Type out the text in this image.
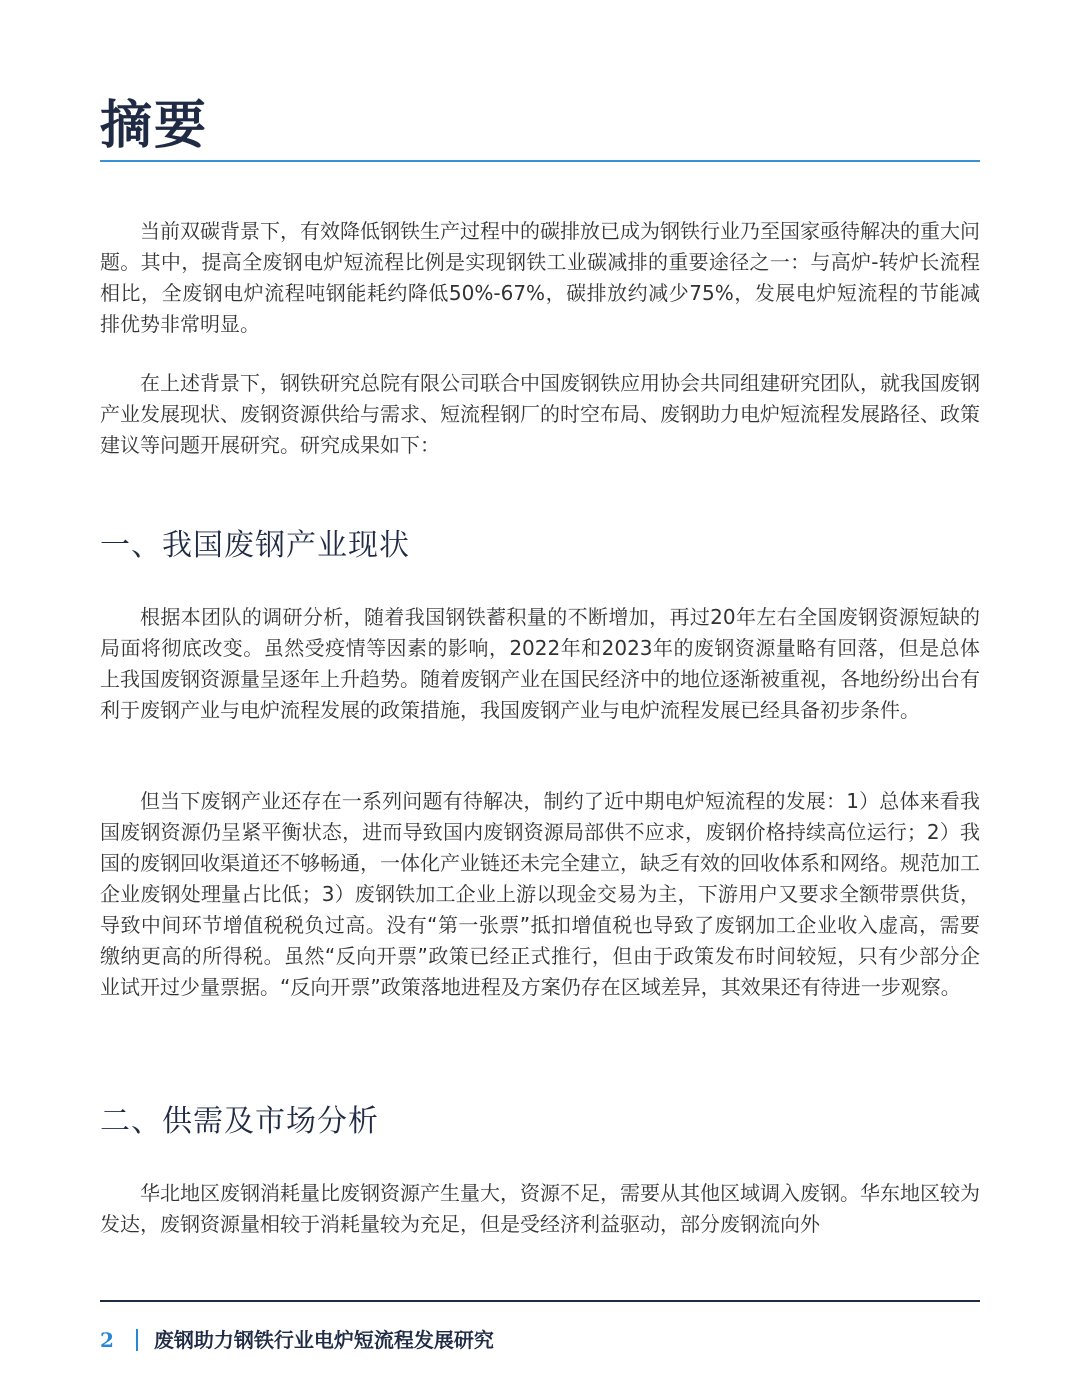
摘要

当前双碳背景下，有效降低钢铁生产过程中的碳排放已成为钢铁行业乃至国家亟待解决的重大问题。其中，提高全废钢电炉短流程比例是实现钢铁工业碳减排的重要途径之一：与高炉-转炉长流程相比，全废钢电炉流程吨钢能耗约降低50%-67%，碳排放约减少75%，发展电炉短流程的节能减排优势非常明显。

在上述背景下，钢铁研究总院有限公司联合中国废钢铁应用协会共同组建研究团队，就我国废钢产业发展现状、废钢资源供给与需求、短流程钢厂的时空布局、废钢助力电炉短流程发展路径、政策建议等问题开展研究。研究成果如下：

一、我国废钢产业现状

根据本团队的调研分析，随着我国钢铁蓄积量的不断增加，再过20年左右全国废钢资源短缺的局面将彻底改变。虽然受疫情等因素的影响，2022年和2023年的废钢资源量略有回落，但是总体上我国废钢资源量呈逐年上升趋势。随着废钢产业在国民经济中的地位逐渐被重视，各地纷纷出台有利于废钢产业与电炉流程发展的政策措施，我国废钢产业与电炉流程发展已经具备初步条件。

但当下废钢产业还存在一系列问题有待解决，制约了近中期电炉短流程的发展：1）总体来看我国废钢资源仍呈紧平衡状态，进而导致国内废钢资源局部供不应求，废钢价格持续高位运行；2）我国的废钢回收渠道还不够畅通，一体化产业链还未完全建立，缺乏有效的回收体系和网络。规范加工企业废钢处理量占比低；3）废钢铁加工企业上游以现金交易为主，下游用户又要求全额带票供货，导致中间环节增值税税负过高。没有“第一张票”抵扣增值税也导致了废钢加工企业收入虚高，需要缴纳更高的所得税。虽然“反向开票”政策已经正式推行，但由于政策发布时间较短，只有少部分企业试开过少量票据。“反向开票”政策落地进程及方案仍存在区域差异，其效果还有待进一步观察。

二、供需及市场分析

华北地区废钢消耗量比废钢资源产生量大，资源不足，需要从其他区域调入废钢。华东地区较为发达，废钢资源量相较于消耗量较为充足，但是受经济利益驱动，部分废钢流向外

2 废钢助力钢铁行业电炉短流程发展研究
